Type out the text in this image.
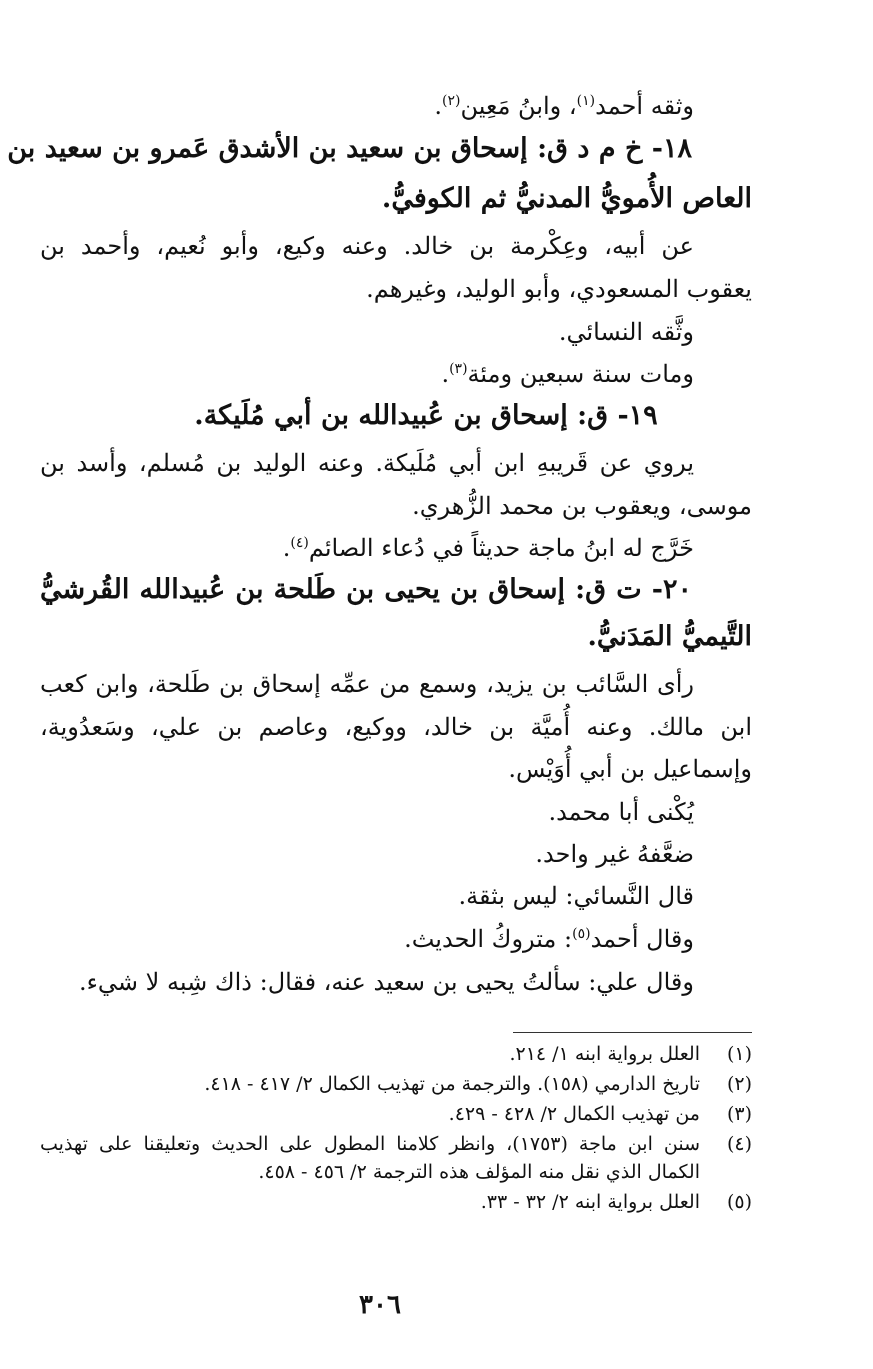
وثقه أحمد$^{(١)}$، وابنُ مَعِين$^{(٢)}$.
١٨- خ م د ق: إسحاق بن سعيد بن الأشدق عَمرو بن سعيد بن
العاص الأُمويُّ المدنيُّ ثم الكوفيُّ.
عن أبيه، وعِكْرمة بن خالد. وعنه وكيع، وأبو نُعيم، وأحمد بن
يعقوب المسعودي، وأبو الوليد، وغيرهم.
وثَّقه النسائي.
ومات سنة سبعين ومئة$^{(٣)}$.
١٩- ق: إسحاق بن عُبيدالله بن أبي مُلَيكة.
يروي عن قَريبهِ ابن أبي مُلَيكة. وعنه الوليد بن مُسلم، وأسد بن
موسى، ويعقوب بن محمد الزُّهري.
خَرَّج له ابنُ ماجة حديثاً في دُعاء الصائم$^{(٤)}$.
٢٠- ت ق: إسحاق بن يحيى بن طَلحة بن عُبيدالله القُرشيُّ
التَّيميُّ المَدَنيُّ.
رأى السَّائب بن يزيد، وسمع من عمِّه إسحاق بن طَلحة، وابن كعب
ابن مالك. وعنه أُميَّة بن خالد، ووكيع، وعاصم بن علي، وسَعدُوية،
وإسماعيل بن أبي أُوَيْس.
يُكْنى أبا محمد.
ضعَّفهُ غير واحد.
قال النَّسائي: ليس بثقة.
وقال أحمد$^{(٥)}$: متروكُ الحديث.
وقال علي: سألتُ يحيى بن سعيد عنه، فقال: ذاك شِبه لا شيء.
(١)
العلل برواية ابنه ١/ ٢١٤.
(٢)
تاريخ الدارمي (١٥٨). والترجمة من تهذيب الكمال ٢/ ٤١٧ - ٤١٨.
(٣)
من تهذيب الكمال ٢/ ٤٢٨ - ٤٢٩.
(٤)
سنن ابن ماجة (١٧٥٣)، وانظر كلامنا المطول على الحديث وتعليقنا على تهذيب
الكمال الذي نقل منه المؤلف هذه الترجمة ٢/ ٤٥٦ - ٤٥٨.
(٥)
العلل برواية ابنه ٢/ ٣٢ - ٣٣.
٣٠٦
